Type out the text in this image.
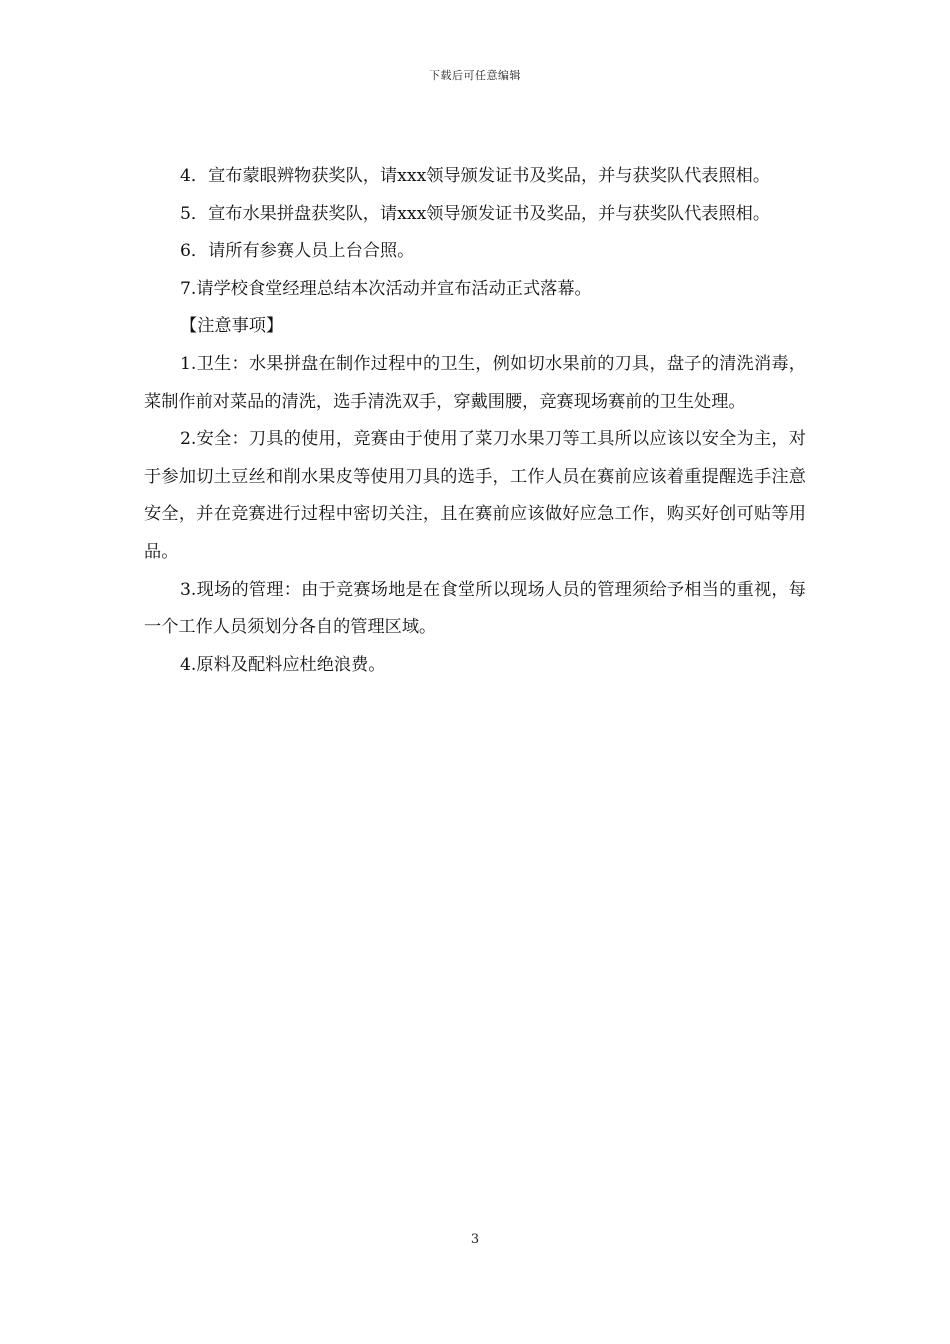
下载后可任意编辑

4．宣布蒙眼辨物获奖队，请xxx领导颁发证书及奖品，并与获奖队代表照相。

5．宣布水果拼盘获奖队，请xxx领导颁发证书及奖品，并与获奖队代表照相。

6．请所有参赛人员上台合照。

7.请学校食堂经理总结本次活动并宣布活动正式落幕。

【注意事项】

1.卫生：水果拼盘在制作过程中的卫生，例如切水果前的刀具，盘子的清洗消毒，菜制作前对菜品的清洗，选手清洗双手，穿戴围腰，竞赛现场赛前的卫生处理。

2.安全：刀具的使用，竞赛由于使用了菜刀水果刀等工具所以应该以安全为主，对于参加切土豆丝和削水果皮等使用刀具的选手，工作人员在赛前应该着重提醒选手注意安全，并在竞赛进行过程中密切关注，且在赛前应该做好应急工作，购买好创可贴等用品。

3.现场的管理：由于竞赛场地是在食堂所以现场人员的管理须给予相当的重视，每一个工作人员须划分各自的管理区域。

4.原料及配料应杜绝浪费。

3
